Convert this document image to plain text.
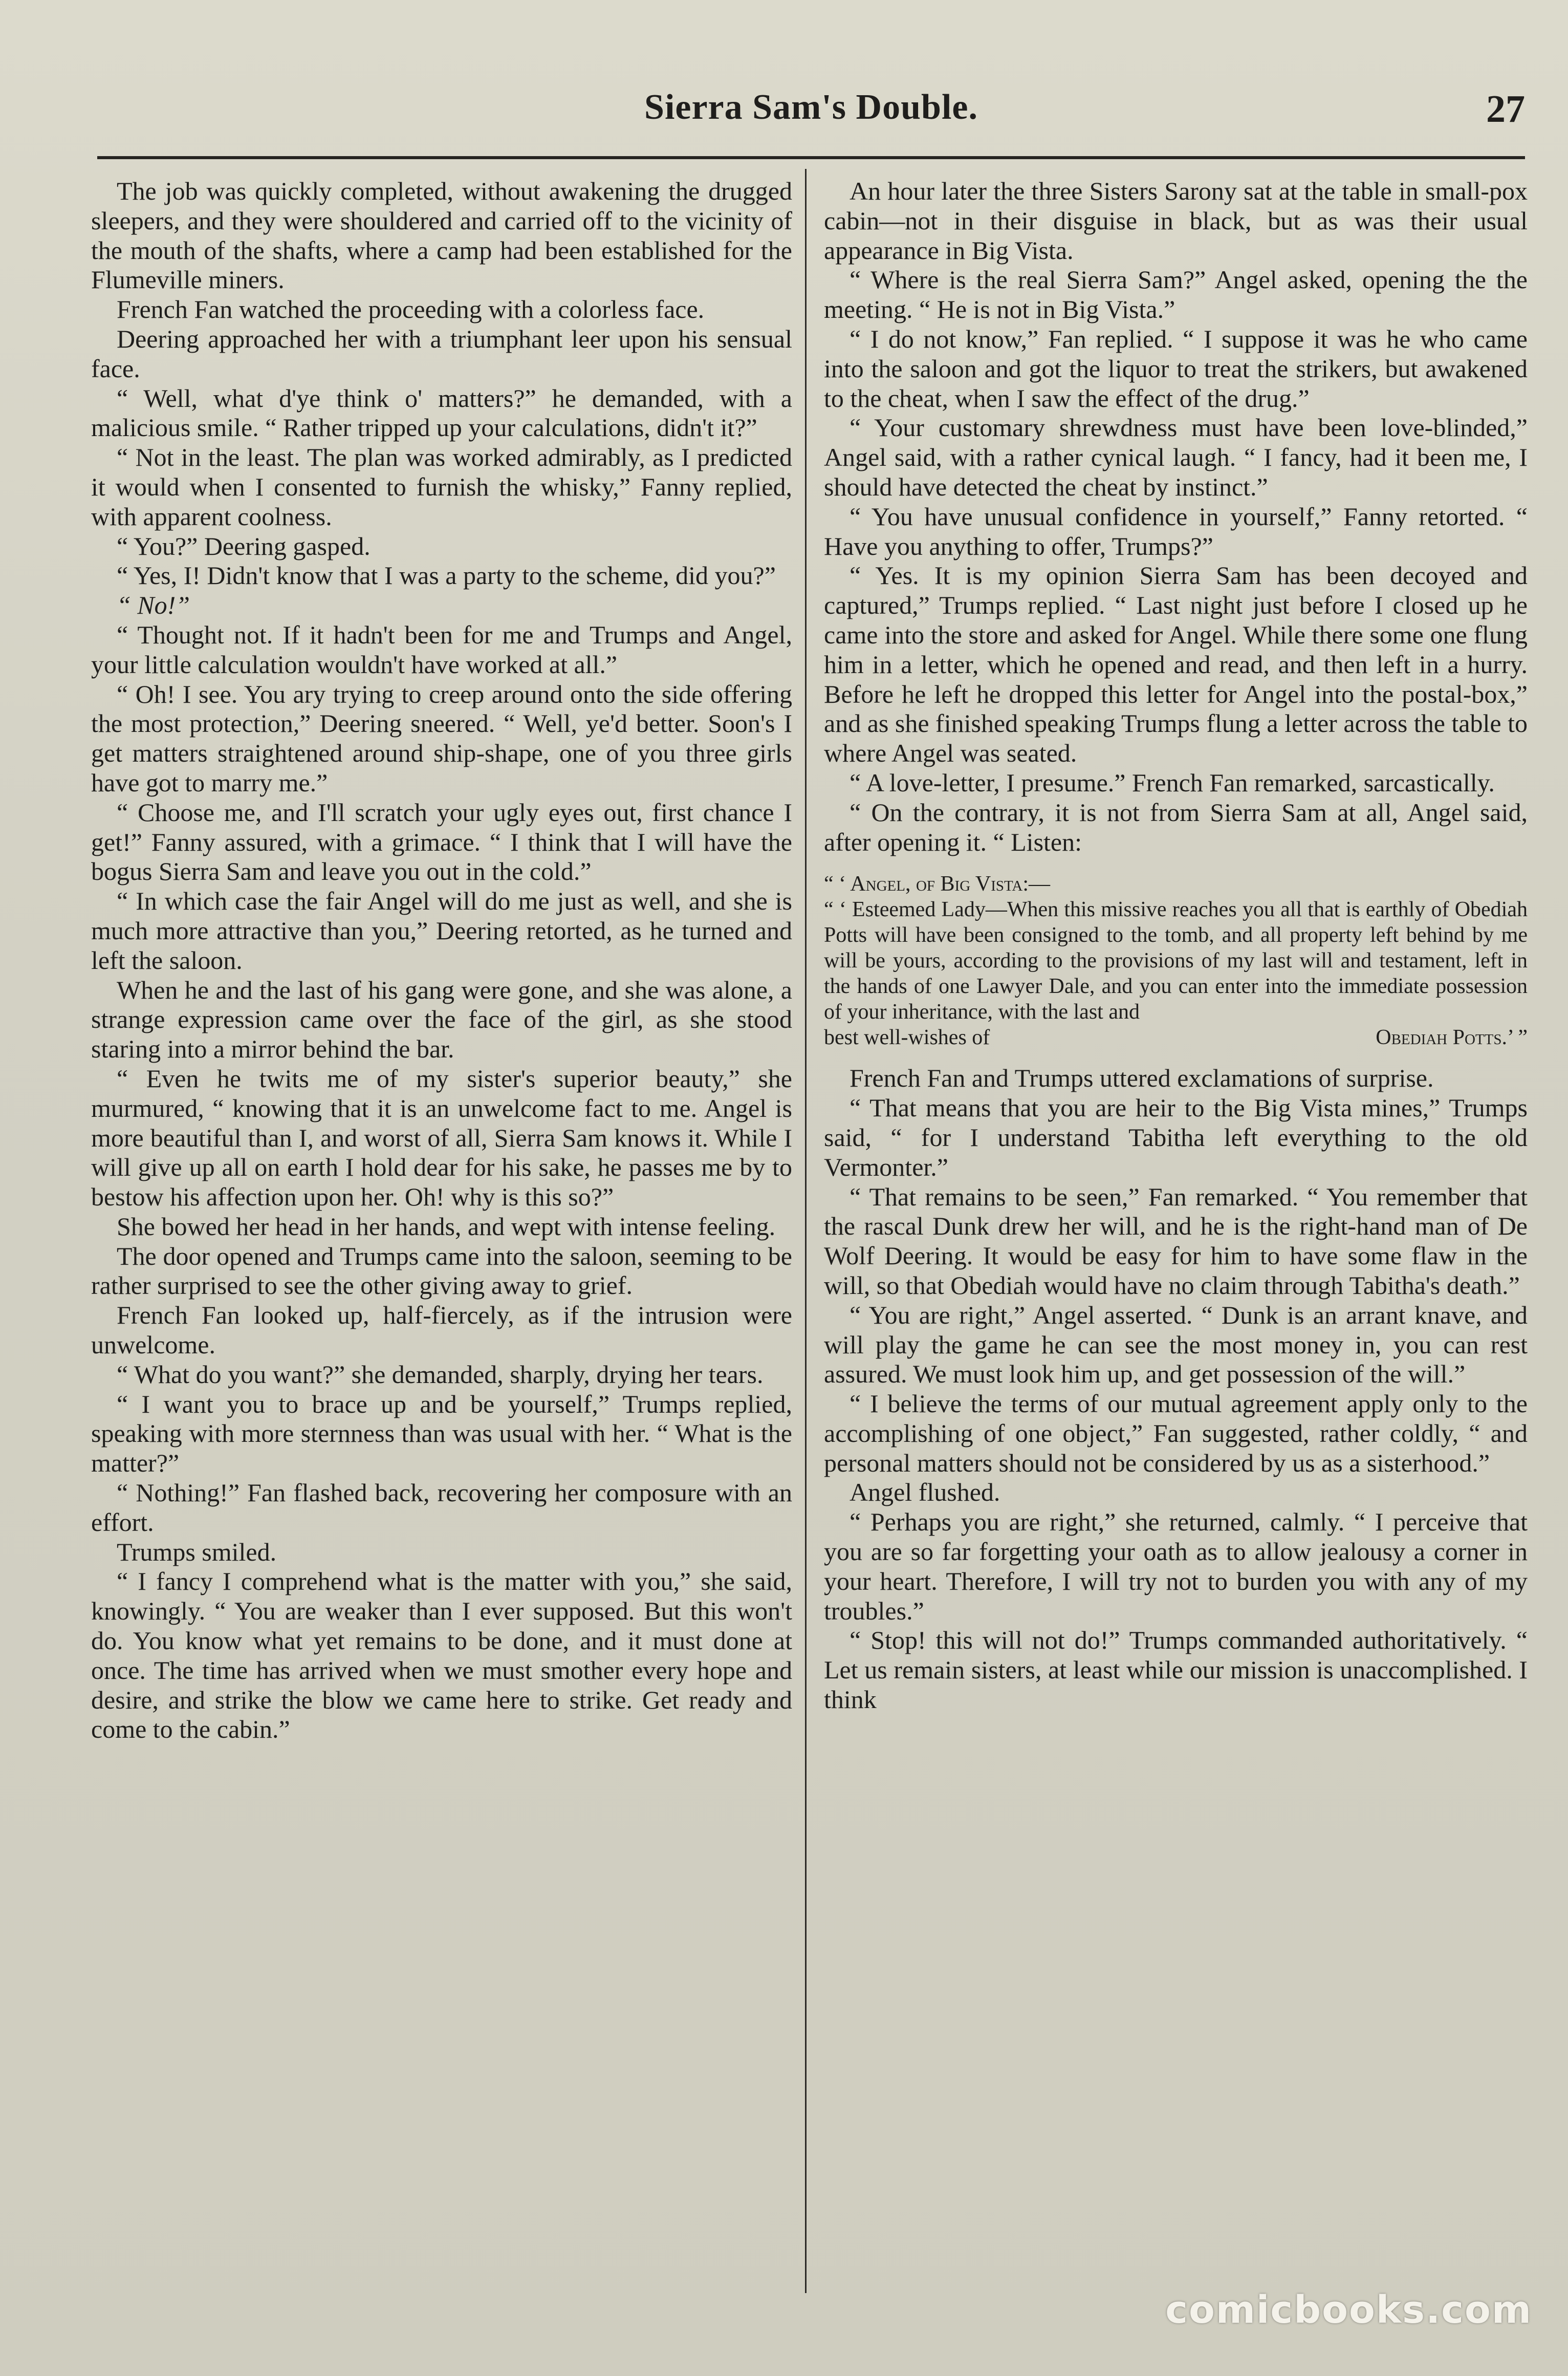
Sierra Sam's Double.	27

The job was quickly completed, without awakening the drugged sleepers, and they were shouldered and carried off to the vicinity of the mouth of the shafts, where a camp had been established for the Flumeville miners.

French Fan watched the proceeding with a colorless face.

Deering approached her with a triumphant leer upon his sensual face.

“ Well, what d'ye think o' matters?” he demanded, with a malicious smile. “ Rather tripped up your calculations, didn't it?”

“ Not in the least. The plan was worked admirably, as I predicted it would when I consented to furnish the whisky,” Fanny replied, with apparent coolness.

“ You?” Deering gasped.

“ Yes, I! Didn't know that I was a party to the scheme, did you?”

“ No!”

“ Thought not. If it hadn't been for me and Trumps and Angel, your little calculation wouldn't have worked at all.”

“ Oh! I see. You ary trying to creep around onto the side offering the most protection,” Deering sneered. “ Well, ye'd better. Soon's I get matters straightened around ship-shape, one of you three girls have got to marry me.”

“ Choose me, and I'll scratch your ugly eyes out, first chance I get!” Fanny assured, with a grimace. “ I think that I will have the bogus Sierra Sam and leave you out in the cold.”

“ In which case the fair Angel will do me just as well, and she is much more attractive than you,” Deering retorted, as he turned and left the saloon.

When he and the last of his gang were gone, and she was alone, a strange expression came over the face of the girl, as she stood staring into a mirror behind the bar.

“ Even he twits me of my sister's superior beauty,” she murmured, “ knowing that it is an unwelcome fact to me. Angel is more beautiful than I, and worst of all, Sierra Sam knows it. While I will give up all on earth I hold dear for his sake, he passes me by to bestow his affection upon her. Oh! why is this so?”

She bowed her head in her hands, and wept with intense feeling.

The door opened and Trumps came into the saloon, seeming to be rather surprised to see the other giving away to grief.

French Fan looked up, half-fiercely, as if the intrusion were unwelcome.

“ What do you want?” she demanded, sharply, drying her tears.

“ I want you to brace up and be yourself,” Trumps replied, speaking with more sternness than was usual with her. “ What is the matter?”

“ Nothing!” Fan flashed back, recovering her composure with an effort.

Trumps smiled.

“ I fancy I comprehend what is the matter with you,” she said, knowingly. “ You are weaker than I ever supposed. But this won't do. You know what yet remains to be done, and it must done at once. The time has arrived when we must smother every hope and desire, and strike the blow we came here to strike. Get ready and come to the cabin.”

An hour later the three Sisters Sarony sat at the table in small-pox cabin—not in their disguise in black, but as was their usual appearance in Big Vista.

“ Where is the real Sierra Sam?” Angel asked, opening the the meeting. “ He is not in Big Vista.”

“ I do not know,” Fan replied. “ I suppose it was he who came into the saloon and got the liquor to treat the strikers, but awakened to the cheat, when I saw the effect of the drug.”

“ Your customary shrewdness must have been love-blinded,” Angel said, with a rather cynical laugh. “ I fancy, had it been me, I should have detected the cheat by instinct.”

“ You have unusual confidence in yourself,” Fanny retorted. “ Have you anything to offer, Trumps?”

“ Yes. It is my opinion Sierra Sam has been decoyed and captured,” Trumps replied. “ Last night just before I closed up he came into the store and asked for Angel. While there some one flung him in a letter, which he opened and read, and then left in a hurry. Before he left he dropped this letter for Angel into the postal-box,” and as she finished speaking Trumps flung a letter across the table to where Angel was seated.

“ A love-letter, I presume.” French Fan remarked, sarcastically.

“ On the contrary, it is not from Sierra Sam at all, Angel said, after opening it. “ Listen:

“ ‘ Angel, of Big Vista:—

“ ‘ Esteemed Lady—When this missive reaches you all that is earthly of Obediah Potts will have been consigned to the tomb, and all property left behind by me will be yours, according to the provisions of my last will and testament, left in the hands of one Lawyer Dale, and you can enter into the immediate possession of your inheritance, with the last and

best well-wishes of	Obediah Potts.’ ”

French Fan and Trumps uttered exclamations of surprise.

“ That means that you are heir to the Big Vista mines,” Trumps said, “ for I understand Tabitha left everything to the old Vermonter.”

“ That remains to be seen,” Fan remarked. “ You remember that the rascal Dunk drew her will, and he is the right-hand man of De Wolf Deering. It would be easy for him to have some flaw in the will, so that Obediah would have no claim through Tabitha's death.”

“ You are right,” Angel asserted. “ Dunk is an arrant knave, and will play the game he can see the most money in, you can rest assured. We must look him up, and get possession of the will.”

“ I believe the terms of our mutual agreement apply only to the accomplishing of one object,” Fan suggested, rather coldly, “ and personal matters should not be considered by us as a sisterhood.”

Angel flushed.

“ Perhaps you are right,” she returned, calmly. “ I perceive that you are so far forgetting your oath as to allow jealousy a corner in your heart. Therefore, I will try not to burden you with any of my troubles.”

“ Stop! this will not do!” Trumps commanded authoritatively. “ Let us remain sisters, at least while our mission is unaccomplished. I think

comicbooks.com
